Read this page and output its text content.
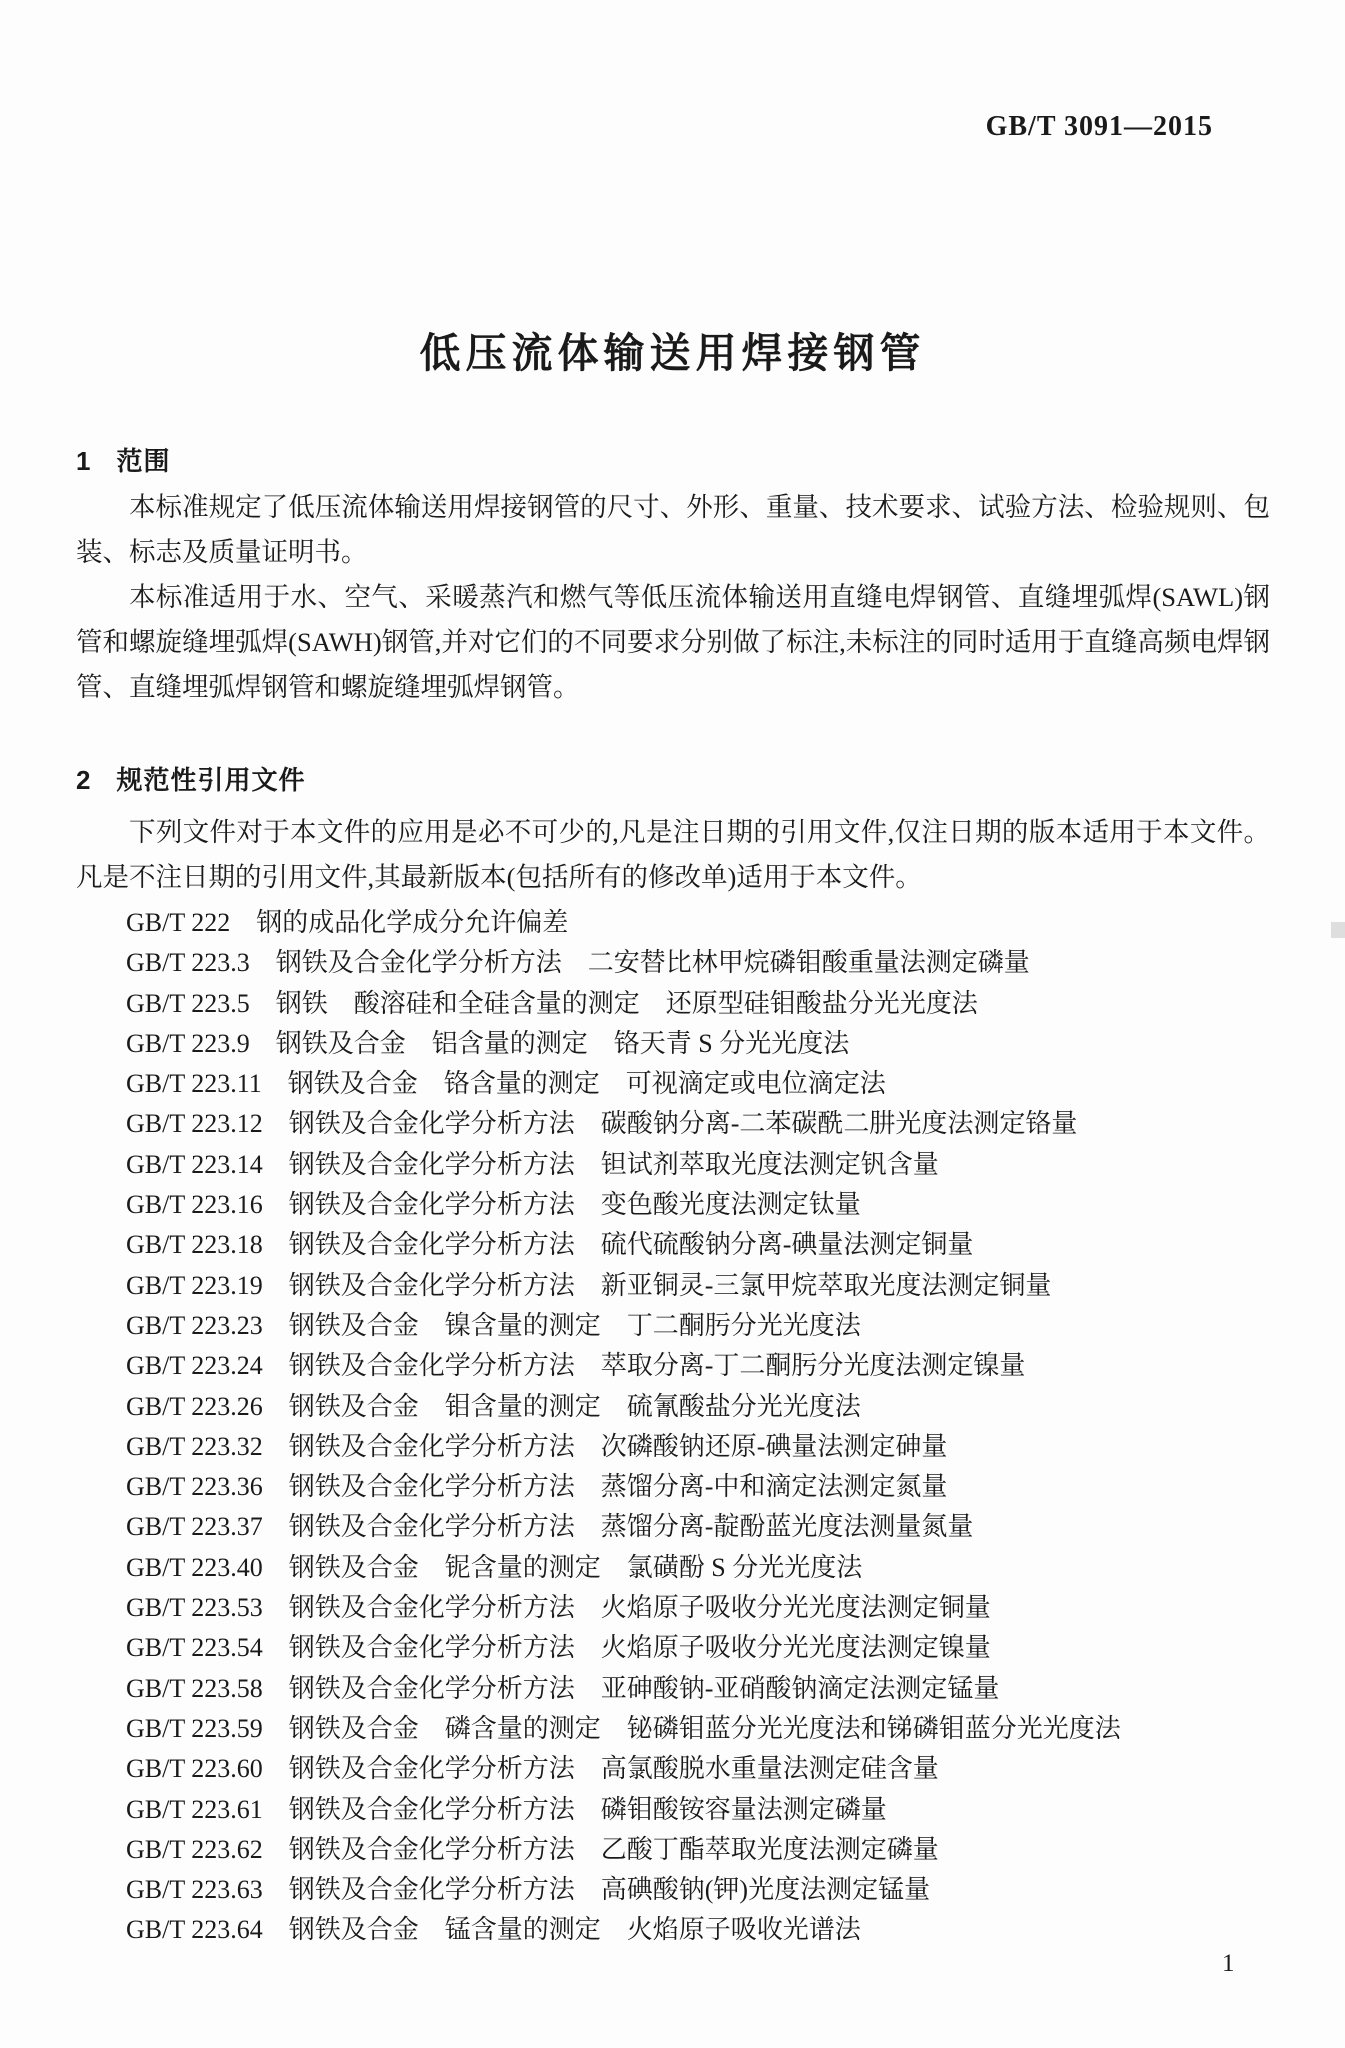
GB/T 3091—2015
低压流体输送用焊接钢管
1 范围

本标准规定了低压流体输送用焊接钢管的尺寸、外形、重量、技术要求、试验方法、检验规则、包装、标志及质量证明书。

本标准适用于水、空气、采暖蒸汽和燃气等低压流体输送用直缝电焊钢管、直缝埋弧焊(SAWL)钢管和螺旋缝埋弧焊(SAWH)钢管,并对它们的不同要求分别做了标注,未标注的同时适用于直缝高频电焊钢管、直缝埋弧焊钢管和螺旋缝埋弧焊钢管。

2 规范性引用文件

下列文件对于本文件的应用是必不可少的,凡是注日期的引用文件,仅注日期的版本适用于本文件。凡是不注日期的引用文件,其最新版本(包括所有的修改单)适用于本文件。

GB/T 222 钢的成品化学成分允许偏差
GB/T 223.3 钢铁及合金化学分析方法　二安替比林甲烷磷钼酸重量法测定磷量
GB/T 223.5 钢铁　酸溶硅和全硅含量的测定　还原型硅钼酸盐分光光度法
GB/T 223.9 钢铁及合金　铝含量的测定　铬天青 S 分光光度法
GB/T 223.11 钢铁及合金　铬含量的测定　可视滴定或电位滴定法
GB/T 223.12 钢铁及合金化学分析方法　碳酸钠分离-二苯碳酰二肼光度法测定铬量
GB/T 223.14 钢铁及合金化学分析方法　钽试剂萃取光度法测定钒含量
GB/T 223.16 钢铁及合金化学分析方法　变色酸光度法测定钛量
GB/T 223.18 钢铁及合金化学分析方法　硫代硫酸钠分离-碘量法测定铜量
GB/T 223.19 钢铁及合金化学分析方法　新亚铜灵-三氯甲烷萃取光度法测定铜量
GB/T 223.23 钢铁及合金　镍含量的测定　丁二酮肟分光光度法
GB/T 223.24 钢铁及合金化学分析方法　萃取分离-丁二酮肟分光度法测定镍量
GB/T 223.26 钢铁及合金　钼含量的测定　硫氰酸盐分光光度法
GB/T 223.32 钢铁及合金化学分析方法　次磷酸钠还原-碘量法测定砷量
GB/T 223.36 钢铁及合金化学分析方法　蒸馏分离-中和滴定法测定氮量
GB/T 223.37 钢铁及合金化学分析方法　蒸馏分离-靛酚蓝光度法测量氮量
GB/T 223.40 钢铁及合金　铌含量的测定　氯磺酚 S 分光光度法
GB/T 223.53 钢铁及合金化学分析方法　火焰原子吸收分光光度法测定铜量
GB/T 223.54 钢铁及合金化学分析方法　火焰原子吸收分光光度法测定镍量
GB/T 223.58 钢铁及合金化学分析方法　亚砷酸钠-亚硝酸钠滴定法测定锰量
GB/T 223.59 钢铁及合金　磷含量的测定　铋磷钼蓝分光光度法和锑磷钼蓝分光光度法
GB/T 223.60 钢铁及合金化学分析方法　高氯酸脱水重量法测定硅含量
GB/T 223.61 钢铁及合金化学分析方法　磷钼酸铵容量法测定磷量
GB/T 223.62 钢铁及合金化学分析方法　乙酸丁酯萃取光度法测定磷量
GB/T 223.63 钢铁及合金化学分析方法　高碘酸钠(钾)光度法测定锰量
GB/T 223.64 钢铁及合金　锰含量的测定　火焰原子吸收光谱法
1
